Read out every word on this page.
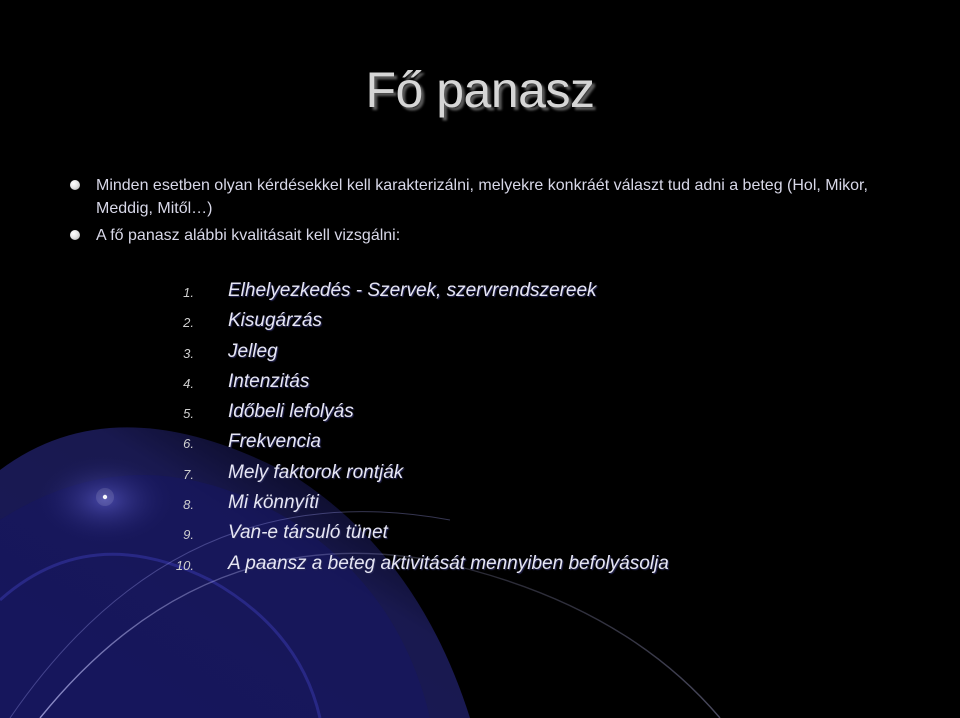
Fő panasz
Minden esetben olyan kérdésekkel kell karakterizálni, melyekre konkráét választ tud adni a beteg (Hol, Mikor, Meddig, Mitől…)
A fő panasz alábbi kvalitásait kell vizsgálni:
1. Elhelyezkedés - Szervek, szervrendszereek
2. Kisugárzás
3. Jelleg
4. Intenzitás
5. Időbeli lefolyás
6. Frekvencia
7. Mely faktorok rontják
8. Mi könnyíti
9. Van-e társuló tünet
10. A paansz a beteg aktivitását mennyiben befolyásolja
